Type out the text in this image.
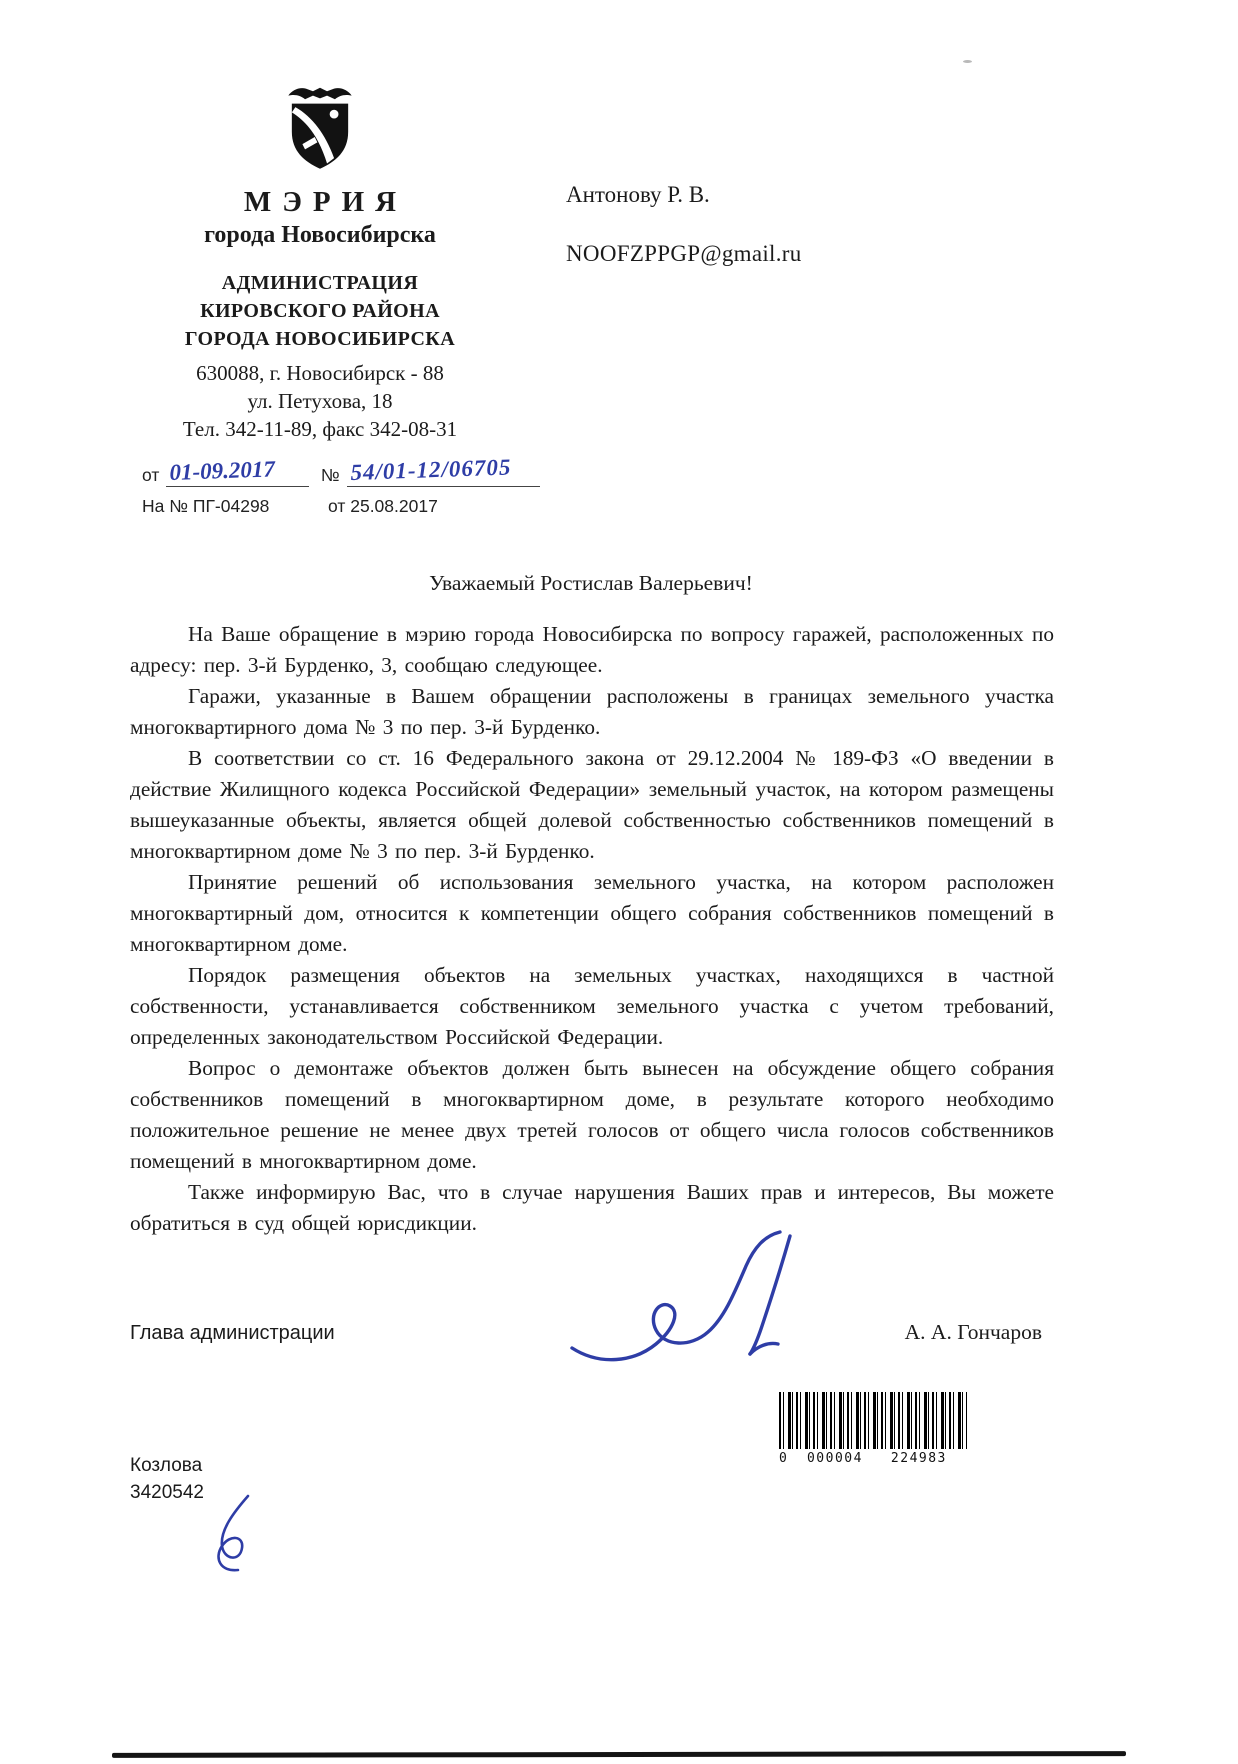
МЭРИЯ
города Новосибирска
АДМИНИСТРАЦИЯ
КИРОВСКОГО РАЙОНА
ГОРОДА НОВОСИБИРСКА
630088, г. Новосибирск - 88
ул. Петухова, 18
Тел. 342-11-89, факс 342-08-31
от 01-09.2017	№ 54/01-12/06705
На № ПГ-04298	от 25.08.2017
Антонову Р. В.
NOOFZPPGP@gmail.ru
Уважаемый Ростислав Валерьевич!

На Ваше обращение в мэрию города Новосибирска по вопросу гаражей, расположенных по адресу: пер. 3-й Бурденко, 3, сообщаю следующее.

Гаражи, указанные в Вашем обращении расположены в границах земельного участка многоквартирного дома № 3 по пер. 3-й Бурденко.

В соответствии со ст. 16 Федерального закона от 29.12.2004 № 189-ФЗ «О введении в действие Жилищного кодекса Российской Федерации» земельный участок, на котором размещены вышеуказанные объекты, является общей долевой собственностью собственников помещений в многоквартирном доме № 3 по пер. 3-й Бурденко.

Принятие решений об использования земельного участка, на котором расположен многоквартирный дом, относится к компетенции общего собрания собственников помещений в многоквартирном доме.

Порядок размещения объектов на земельных участках, находящихся в частной собственности, устанавливается собственником земельного участка с учетом требований, определенных законодательством Российской Федерации.

Вопрос о демонтаже объектов должен быть вынесен на обсуждение общего собрания собственников помещений в многоквартирном доме, в результате которого необходимо положительное решение не менее двух третей голосов от общего числа голосов собственников помещений в многоквартирном доме.

Также информирую Вас, что в случае нарушения Ваших прав и интересов, Вы можете обратиться в суд общей юрисдикции.

Глава администрации	А. А. Гончаров
Козлова
3420542
0  000004   224983
